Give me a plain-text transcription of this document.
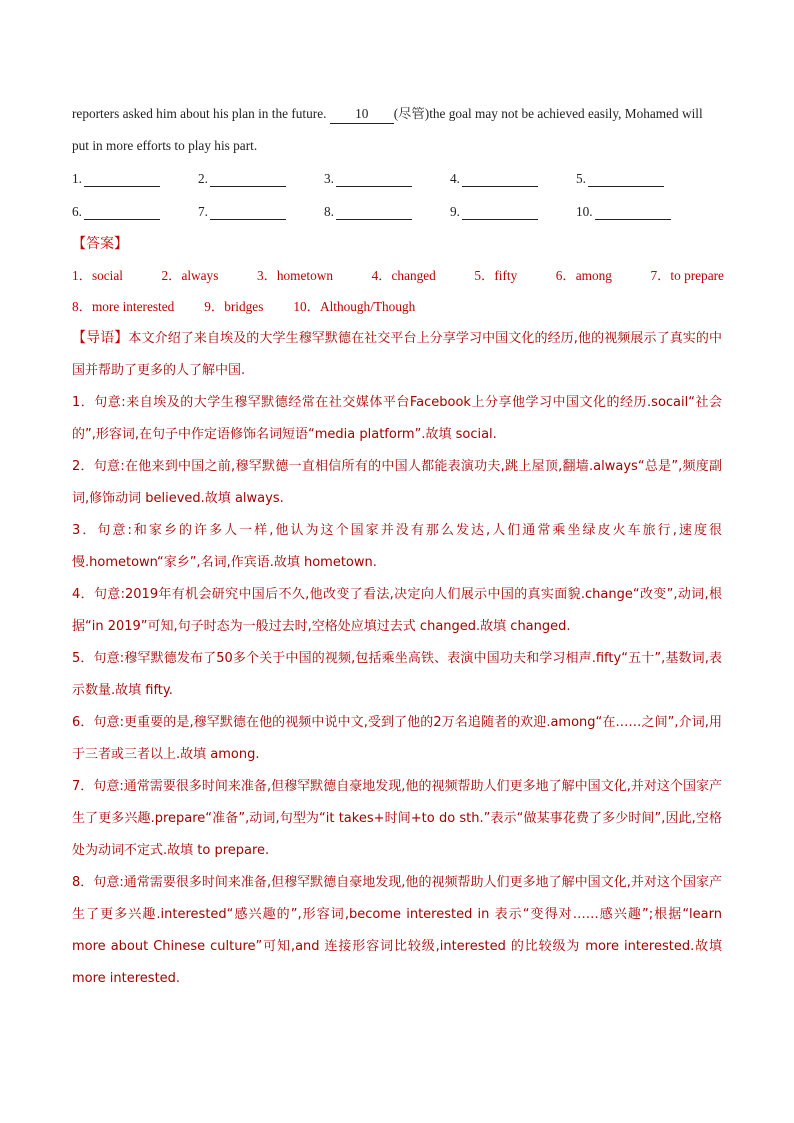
reporters asked him about his plan in the future. 10 (尽管)the goal may not be achieved easily, Mohamed will put in more efforts to play his part.

1.	2.	3.	4.	5.
6.	7.	8.	9.	10.

【答案】

1．social	2．always	3．hometown	4．changed	5．fifty	6．among	7．to prepare
8．more interested 9．bridges 10．Although/Though

【导语】本文介绍了来自埃及的大学生穆罕默德在社交平台上分享学习中国文化的经历,他的视频展示了真实的中国并帮助了更多的人了解中国.

1．句意:来自埃及的大学生穆罕默德经常在社交媒体平台Facebook上分享他学习中国文化的经历.socail“社会的”,形容词,在句子中作定语修饰名词短语“media platform”.故填 social.

2．句意:在他来到中国之前,穆罕默德一直相信所有的中国人都能表演功夫,跳上屋顶,翻墙.always“总是”,频度副词,修饰动词 believed.故填 always.

3．句意:和家乡的许多人一样,他认为这个国家并没有那么发达,人们通常乘坐绿皮火车旅行,速度很慢.hometown“家乡”,名词,作宾语.故填 hometown.

4．句意:2019年有机会研究中国后不久,他改变了看法,决定向人们展示中国的真实面貌.change“改变”,动词,根据“in 2019”可知,句子时态为一般过去时,空格处应填过去式 changed.故填 changed.

5．句意:穆罕默德发布了50多个关于中国的视频,包括乘坐高铁、表演中国功夫和学习相声.fifty“五十”,基数词,表示数量.故填 fifty.

6．句意:更重要的是,穆罕默德在他的视频中说中文,受到了他的2万名追随者的欢迎.among“在……之间”,介词,用于三者或三者以上.故填 among.

7．句意:通常需要很多时间来准备,但穆罕默德自豪地发现,他的视频帮助人们更多地了解中国文化,并对这个国家产生了更多兴趣.prepare“准备”,动词,句型为“it takes+时间+to do sth.”表示“做某事花费了多少时间”,因此,空格处为动词不定式.故填 to prepare.

8．句意:通常需要很多时间来准备,但穆罕默德自豪地发现,他的视频帮助人们更多地了解中国文化,并对这个国家产生了更多兴趣.interested“感兴趣的”,形容词,become interested in 表示“变得对……感兴趣”;根据“learn more about Chinese culture”可知,and 连接形容词比较级,interested 的比较级为 more interested.故填 more interested.
